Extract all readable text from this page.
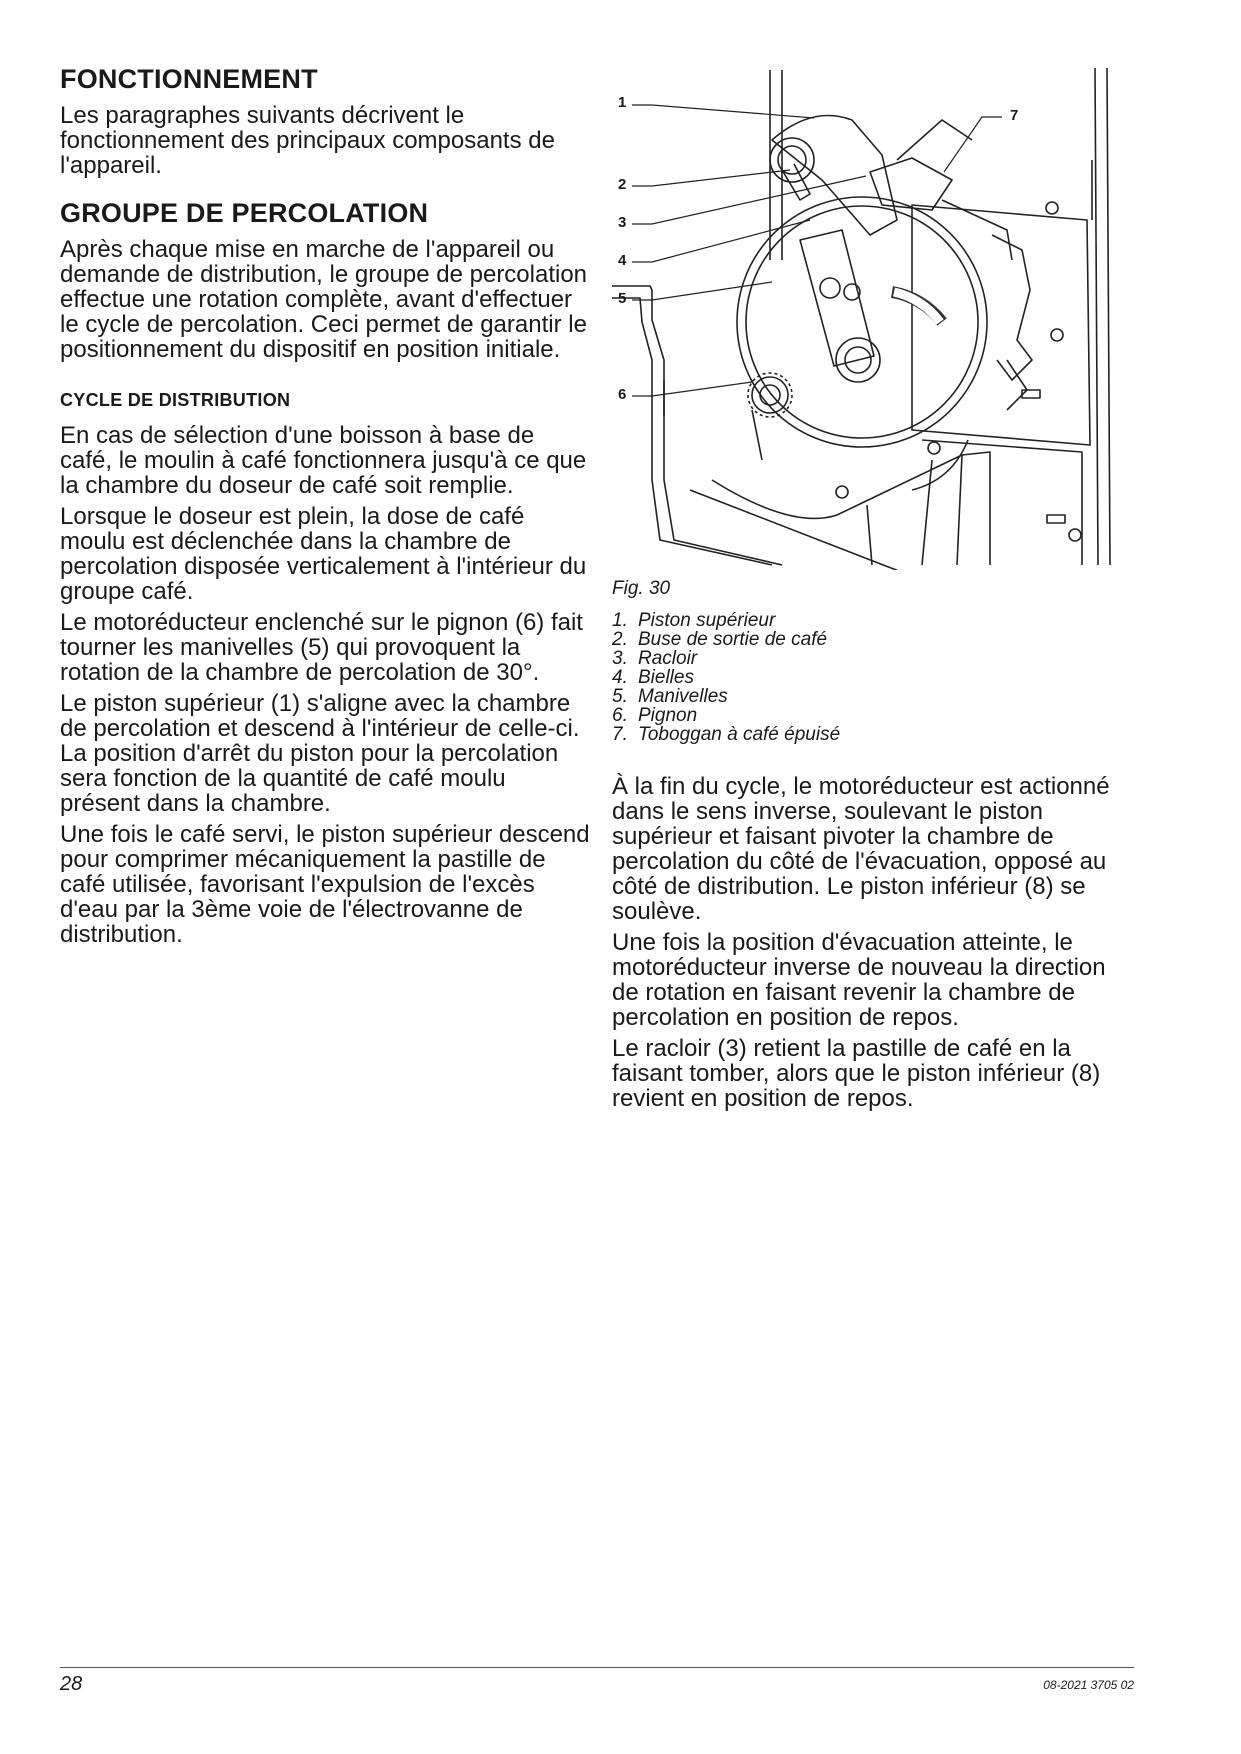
FONCTIONNEMENT

Les paragraphes suivants décrivent le fonctionnement des principaux composants de l'appareil.

GROUPE DE PERCOLATION

Après chaque mise en marche de l'appareil ou demande de distribution, le groupe de percolation effectue une rotation complète, avant d'effectuer le cycle de percolation. Ceci permet de garantir le positionnement du dispositif en position initiale.

CYCLE DE DISTRIBUTION

En cas de sélection d'une boisson à base de café, le moulin à café fonctionnera jusqu'à ce que la chambre du doseur de café soit remplie.

Lorsque le doseur est plein, la dose de café moulu est déclenchée dans la chambre de percolation disposée verticalement à l'intérieur du groupe café.

Le motoréducteur enclenché sur le pignon (6) fait tourner les manivelles (5) qui provoquent la rotation de la chambre de percolation de 30°.

Le piston supérieur (1) s'aligne avec la chambre de percolation et descend à l'intérieur de celle-ci. La position d'arrêt du piston pour la percolation sera fonction de la quantité de café moulu présent dans la chambre.

Une fois le café servi, le piston supérieur descend pour comprimer mécaniquement la pastille de café utilisée, favorisant l'expulsion de l'excès d'eau par la 3ème voie de l'électrovanne de distribution.

1
2
3
4
5
6
7

Fig. 30

1. Piston supérieur
2. Buse de sortie de café
3. Racloir
4. Bielles
5. Manivelles
6. Pignon
7. Toboggan à café épuisé

À la fin du cycle, le motoréducteur est actionné dans le sens inverse, soulevant le piston supérieur et faisant pivoter la chambre de percolation du côté de l'évacuation, opposé au côté de distribution. Le piston inférieur (8) se soulève.

Une fois la position d'évacuation atteinte, le motoréducteur inverse de nouveau la direction de rotation en faisant revenir la chambre de percolation en position de repos.

Le racloir (3) retient la pastille de café en la faisant tomber, alors que le piston inférieur (8) revient en position de repos.

28	08-2021 3705 02
